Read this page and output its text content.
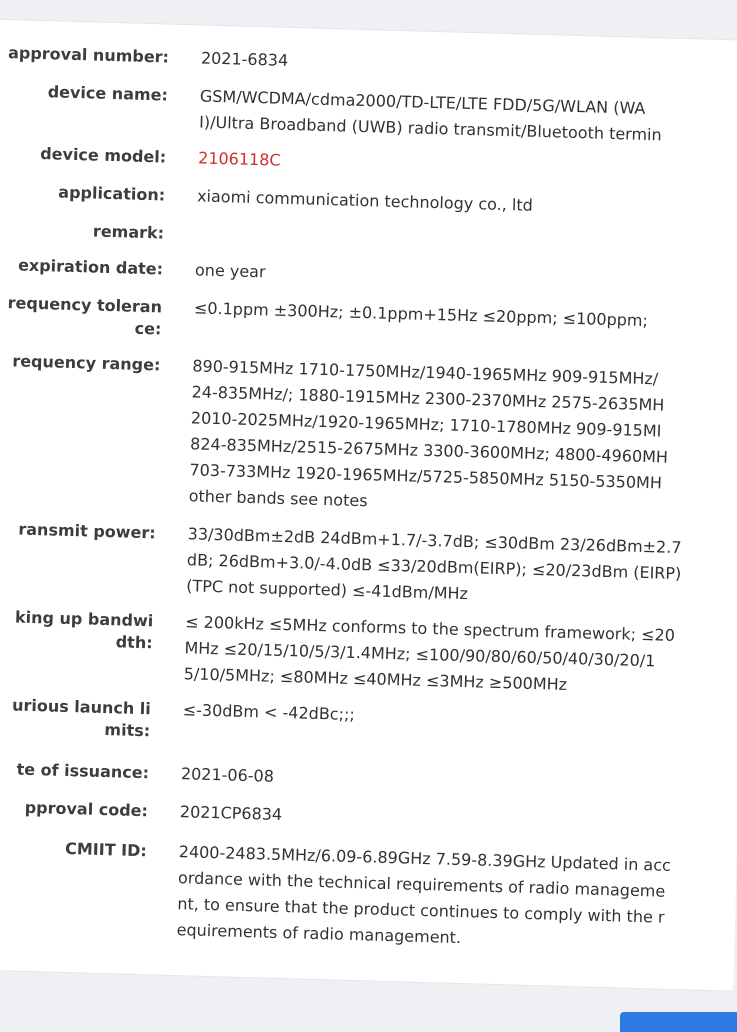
approval number: 2021-6834
device name: GSM/WCDMA/cdma2000/TD-LTE/LTE FDD/5G/WLAN (WA
I)/Ultra Broadband (UWB) radio transmit/Bluetooth termin
device model: 2106118C
application: xiaomi communication technology co., ltd
remark:
expiration date: one year
requency toleran
ce: ≤0.1ppm ±300Hz; ±0.1ppm+15Hz ≤20ppm; ≤100ppm;
requency range: 890-915MHz 1710-1750MHz/1940-1965MHz 909-915MHz/
24-835MHz/; 1880-1915MHz 2300-2370MHz 2575-2635MH
2010-2025MHz/1920-1965MHz; 1710-1780MHz 909-915MI
824-835MHz/2515-2675MHz 3300-3600MHz; 4800-4960MH
703-733MHz 1920-1965MHz/5725-5850MHz 5150-5350MH
other bands see notes
ransmit power: 33/30dBm±2dB 24dBm+1.7/-3.7dB; ≤30dBm 23/26dBm±2.7
dB; 26dBm+3.0/-4.0dB ≤33/20dBm(EIRP); ≤20/23dBm (EIRP)
(TPC not supported) ≤-41dBm/MHz
king up bandwi
dth: ≤ 200kHz ≤5MHz conforms to the spectrum framework; ≤20
MHz ≤20/15/10/5/3/1.4MHz; ≤100/90/80/60/50/40/30/20/1
5/10/5MHz; ≤80MHz ≤40MHz ≤3MHz ≥500MHz
urious launch li
mits:
≤-30dBm < -42dBc;;;
te of issuance: 2021-06-08
pproval code: 2021CP6834
CMIIT ID: 2400-2483.5MHz/6.09-6.89GHz 7.59-8.39GHz Updated in acc
ordance with the technical requirements of radio manageme
nt, to ensure that the product continues to comply with the r
equirements of radio management.
